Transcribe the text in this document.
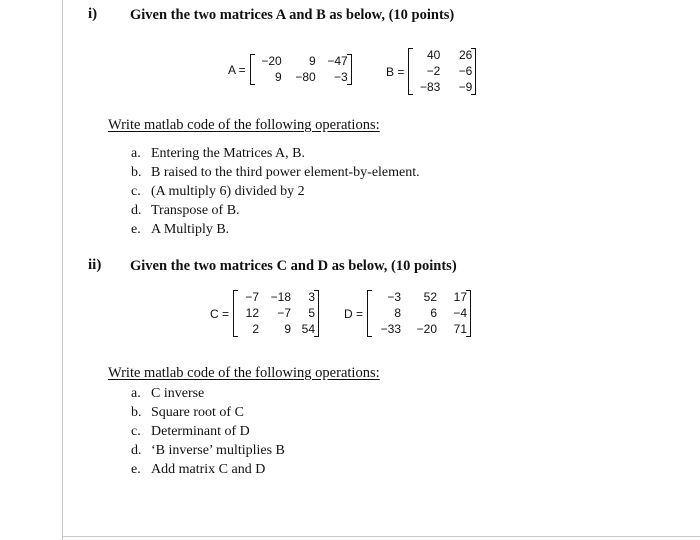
i) Given the two matrices A and B as below, (10 points)
A =
−20 9 −47
9 −80 −3	B =
40 26
−2 −6
−83 −9
Write matlab code of the following operations:
a. Entering the Matrices A, B.
b. B raised to the third power element-by-element.
c. (A multiply 6) divided by 2
d. Transpose of B.
e. A Multiply B.
ii) Given the two matrices C and D as below, (10 points)
C =
−7 −18 3
12 −7 5
2 9 54
D =
−3 52 17
8 6 −4
−33 −20 71
Write matlab code of the following operations:
a. C inverse
b. Square root of C
c. Determinant of D
d. ‘B inverse’ multiplies B
e. Add matrix C and D
